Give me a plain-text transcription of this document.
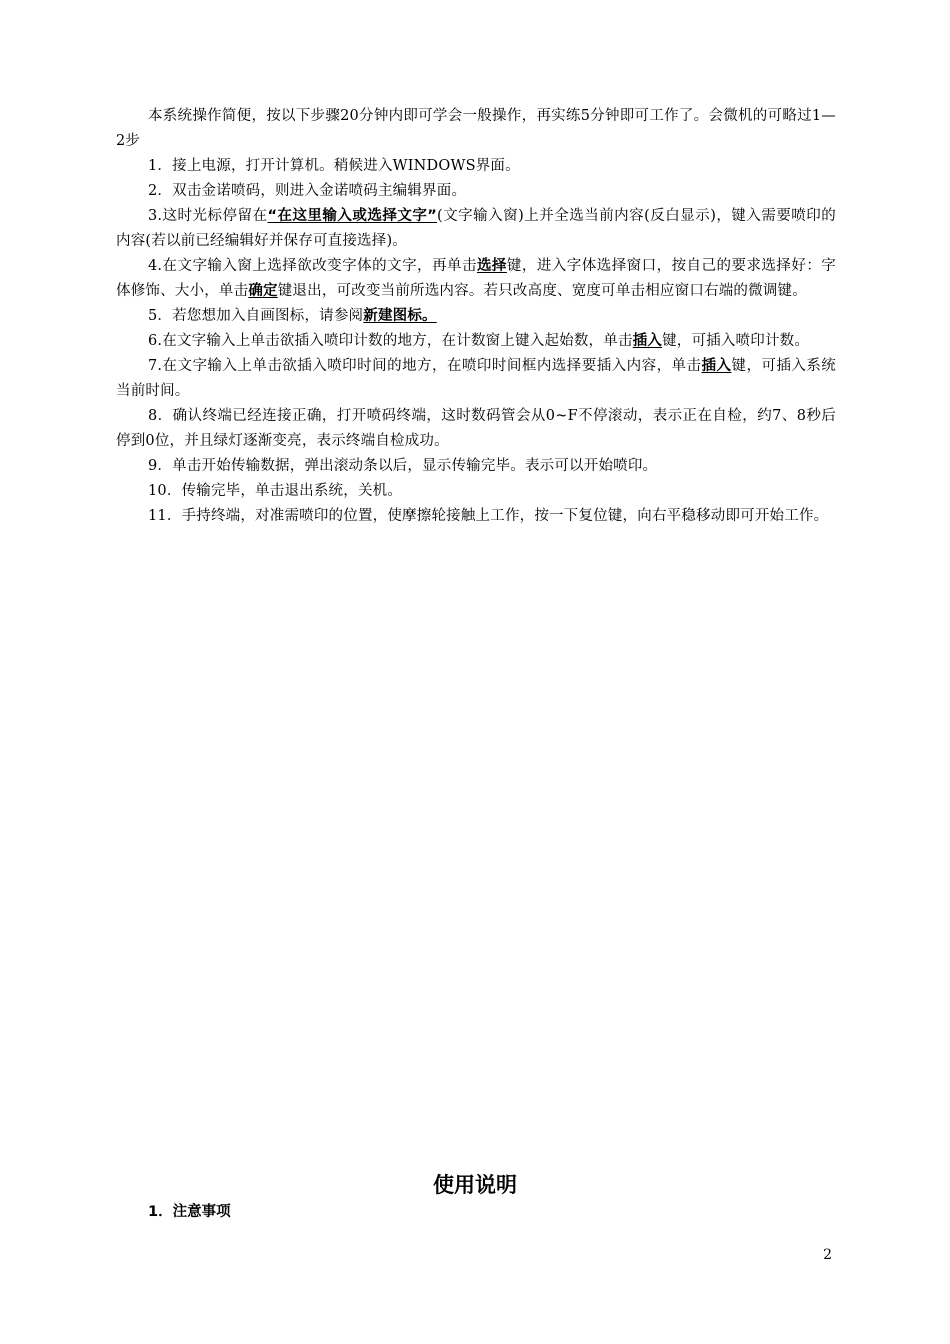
本系统操作简便，按以下步骤20分钟内即可学会一般操作，再实练5分钟即可工作了。会微机的可略过1—2步

1．接上电源，打开计算机。稍候进入WINDOWS界面。

2．双击金诺喷码，则进入金诺喷码主编辑界面。

3.这时光标停留在“在这里输入或选择文字”(文字输入窗)上并全选当前内容(反白显示)，键入需要喷印的内容(若以前已经编辑好并保存可直接选择)。

4.在文字输入窗上选择欲改变字体的文字，再单击选择键，进入字体选择窗口，按自己的要求选择好：字体修饰、大小，单击确定键退出，可改变当前所选内容。若只改高度、宽度可单击相应窗口右端的微调键。

5．若您想加入自画图标，请参阅新建图标。

6.在文字输入上单击欲插入喷印计数的地方，在计数窗上键入起始数，单击插入键，可插入喷印计数。

7.在文字输入上单击欲插入喷印时间的地方，在喷印时间框内选择要插入内容，单击插入键，可插入系统当前时间。

8．确认终端已经连接正确，打开喷码终端，这时数码管会从0~F不停滚动，表示正在自检，约7、8秒后停到0位，并且绿灯逐渐变亮，表示终端自检成功。

9．单击开始传输数据，弹出滚动条以后，显示传输完毕。表示可以开始喷印。

10．传输完毕，单击退出系统，关机。

11．手持终端，对准需喷印的位置，使摩擦轮接触上工作，按一下复位键，向右平稳移动即可开始工作。

使用说明

1．注意事项

2
